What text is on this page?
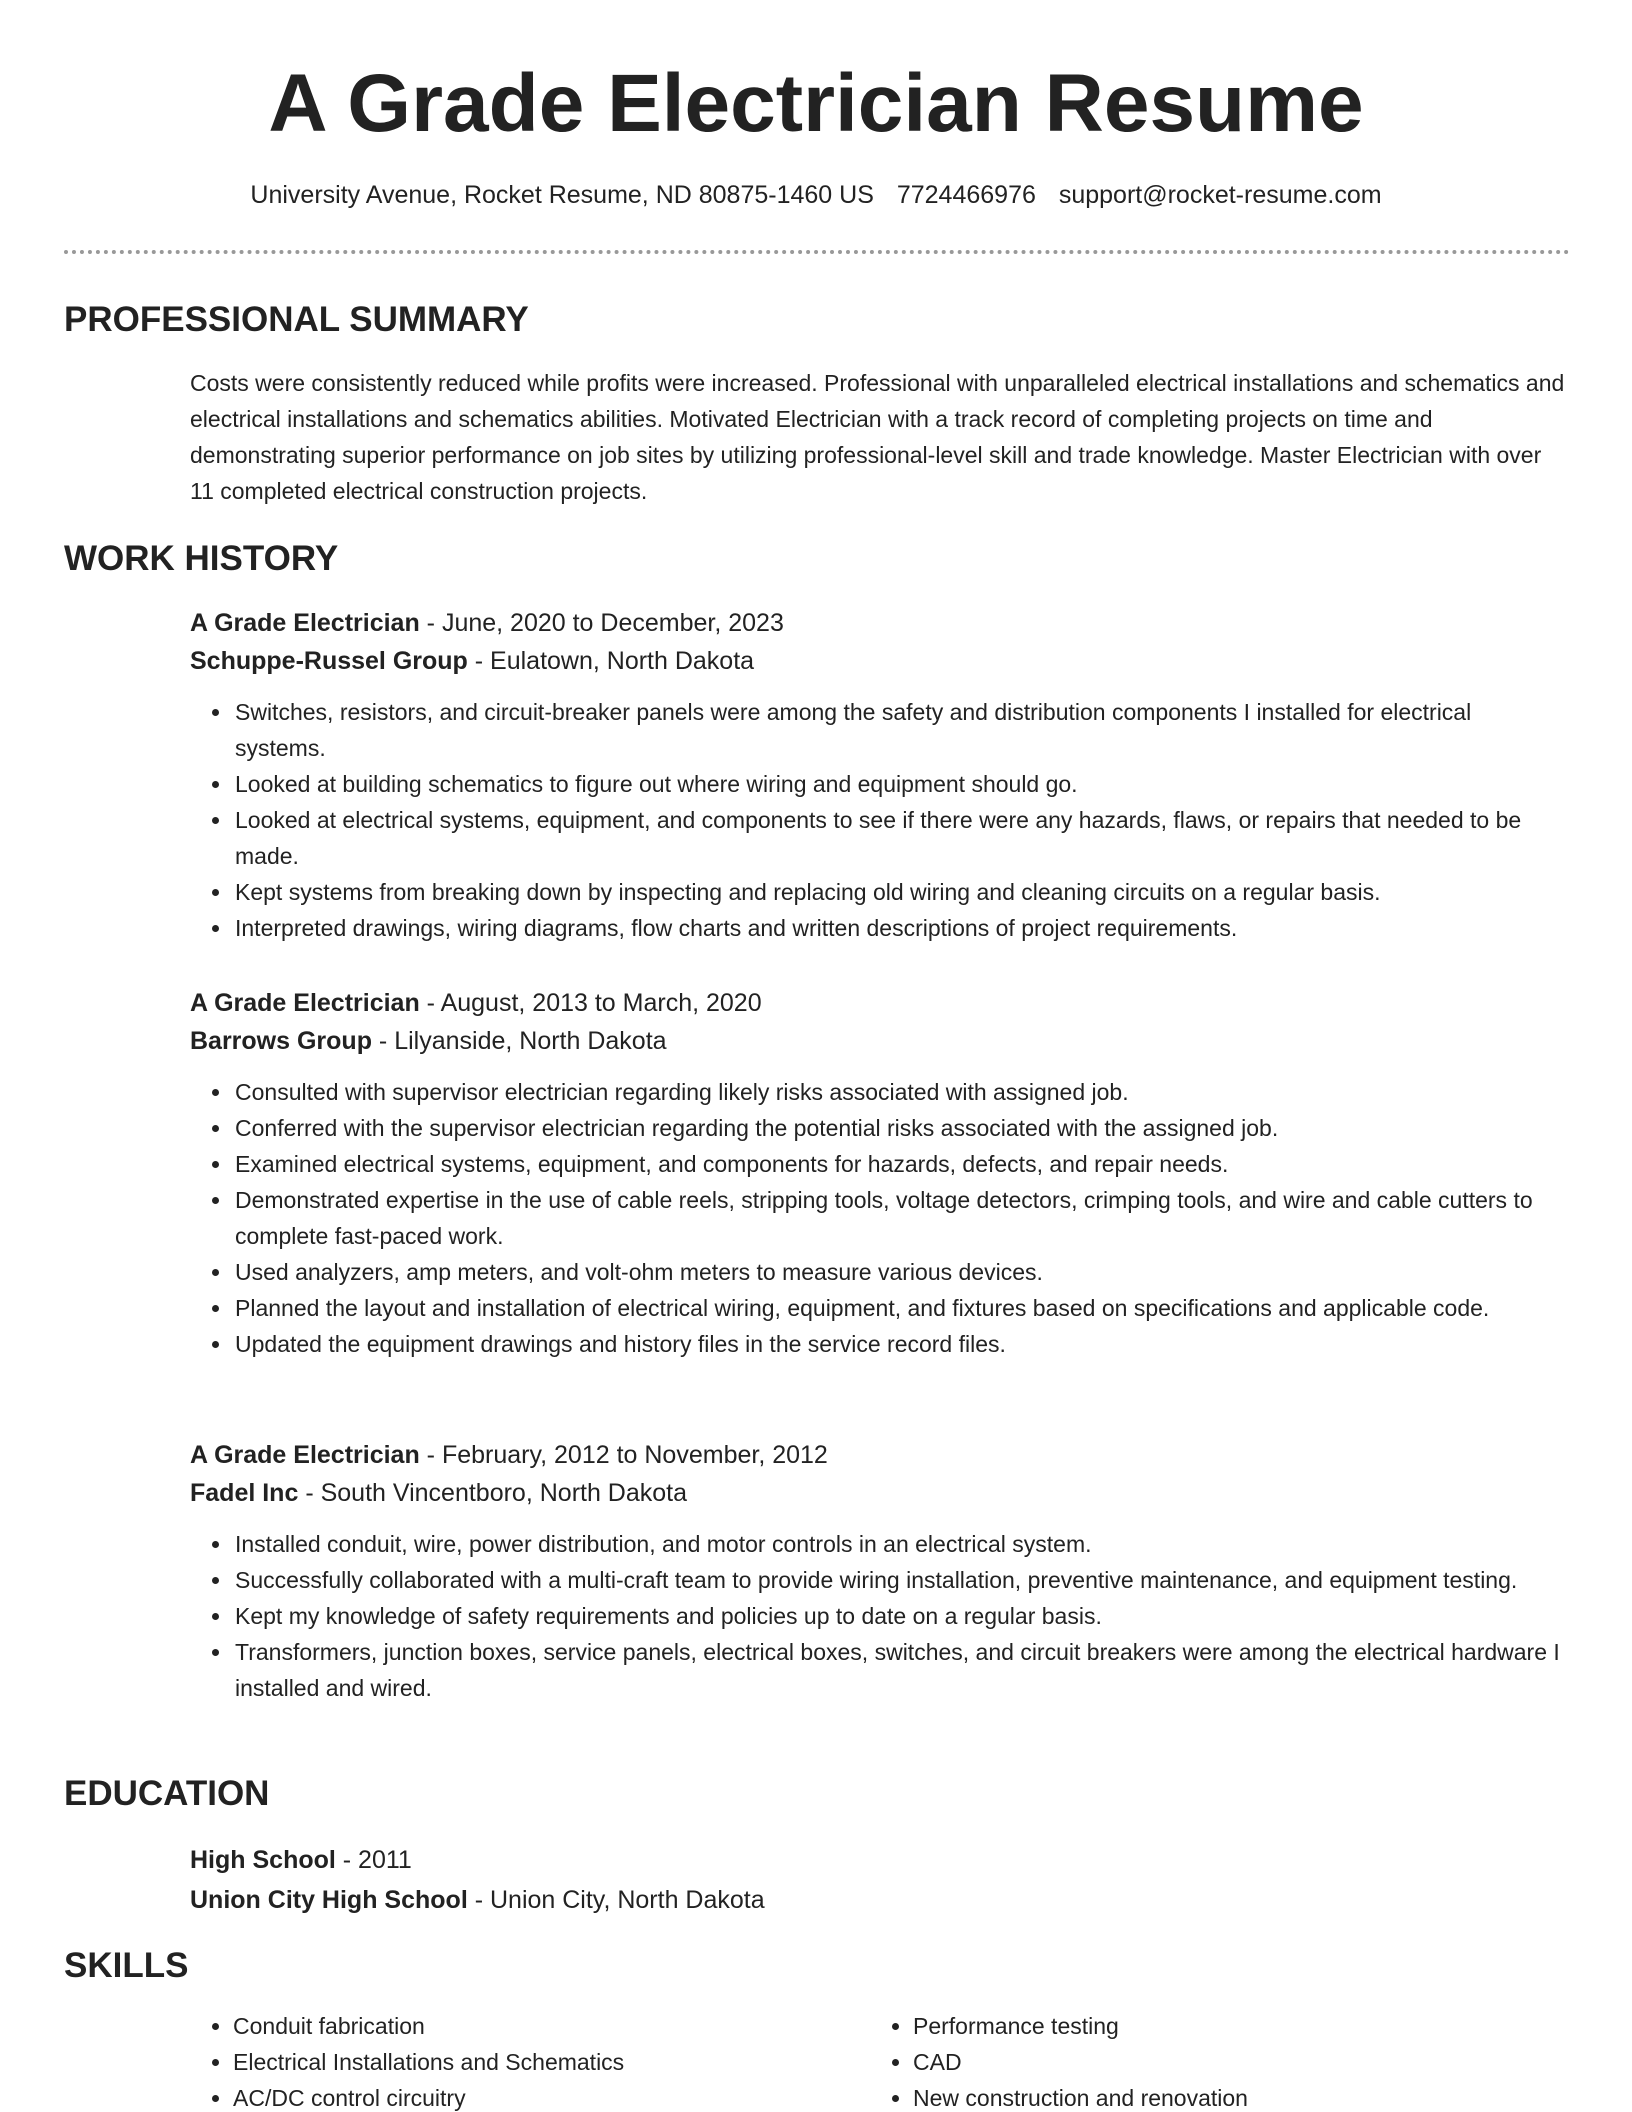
A Grade Electrician Resume
University Avenue, Rocket Resume, ND 80875-1460 US 7724466976 support@rocket-resume.com
PROFESSIONAL SUMMARY

Costs were consistently reduced while profits were increased. Professional with unparalleled electrical installations and schematics and electrical installations and schematics abilities. Motivated Electrician with a track record of completing projects on time and demonstrating superior performance on job sites by utilizing professional-level skill and trade knowledge. Master Electrician with over 11 completed electrical construction projects.

WORK HISTORY

A Grade Electrician - June, 2020 to December, 2023

Schuppe-Russel Group - Eulatown, North Dakota

• Switches, resistors, and circuit-breaker panels were among the safety and distribution components I installed for electrical systems.
• Looked at building schematics to figure out where wiring and equipment should go.
• Looked at electrical systems, equipment, and components to see if there were any hazards, flaws, or repairs that needed to be made.
• Kept systems from breaking down by inspecting and replacing old wiring and cleaning circuits on a regular basis.
• Interpreted drawings, wiring diagrams, flow charts and written descriptions of project requirements.

A Grade Electrician - August, 2013 to March, 2020

Barrows Group - Lilyanside, North Dakota

• Consulted with supervisor electrician regarding likely risks associated with assigned job.
• Conferred with the supervisor electrician regarding the potential risks associated with the assigned job.
• Examined electrical systems, equipment, and components for hazards, defects, and repair needs.
• Demonstrated expertise in the use of cable reels, stripping tools, voltage detectors, crimping tools, and wire and cable cutters to complete fast-paced work.
• Used analyzers, amp meters, and volt-ohm meters to measure various devices.
• Planned the layout and installation of electrical wiring, equipment, and fixtures based on specifications and applicable code.
• Updated the equipment drawings and history files in the service record files.

A Grade Electrician - February, 2012 to November, 2012

Fadel Inc - South Vincentboro, North Dakota

• Installed conduit, wire, power distribution, and motor controls in an electrical system.
• Successfully collaborated with a multi-craft team to provide wiring installation, preventive maintenance, and equipment testing.
• Kept my knowledge of safety requirements and policies up to date on a regular basis.
• Transformers, junction boxes, service panels, electrical boxes, switches, and circuit breakers were among the electrical hardware I installed and wired.
EDUCATION

High School - 2011

Union City High School - Union City, North Dakota

SKILLS
• Conduit fabrication
• Electrical Installations and Schematics
• AC/DC control circuitry
• Performance testing
• CAD
• New construction and renovation
